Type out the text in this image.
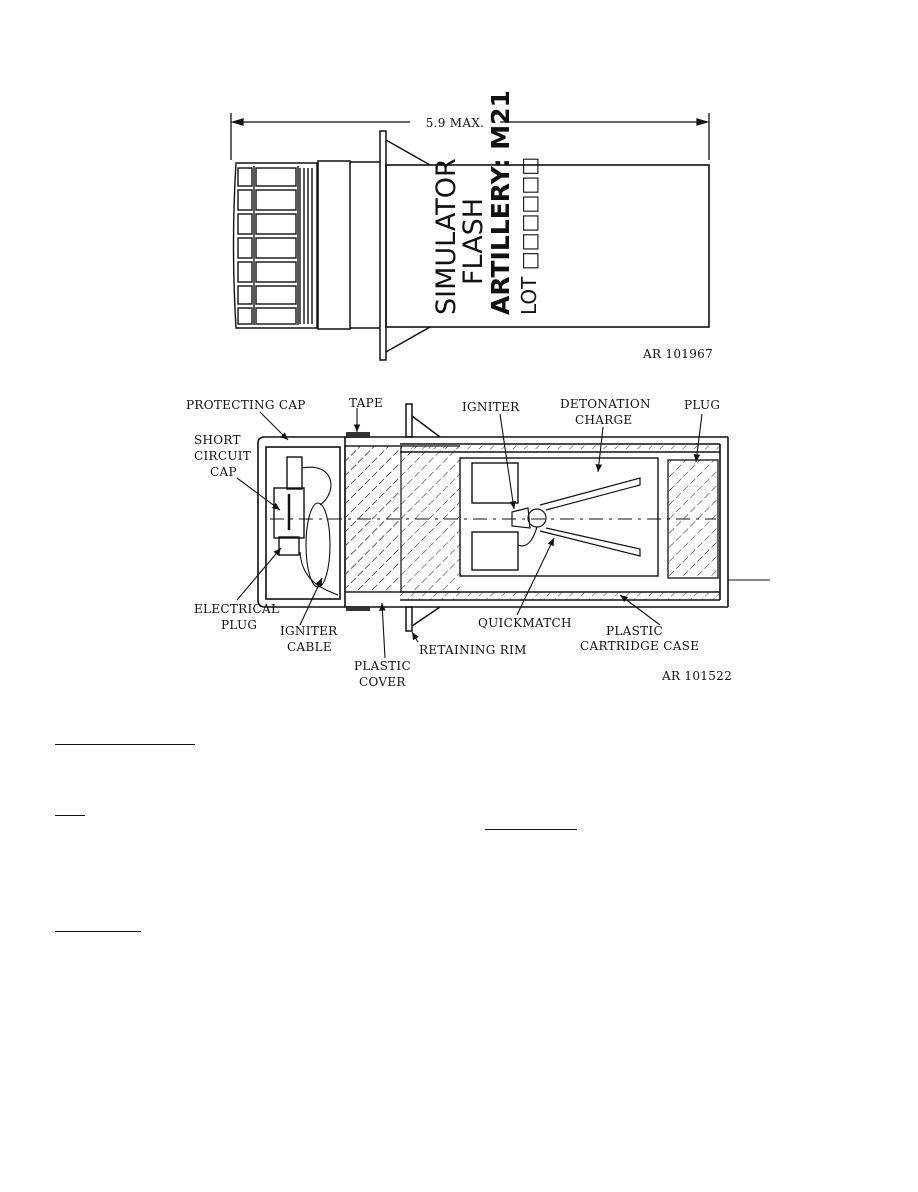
5.9 MAX.
SIMULATOR
FLASH
ARTILLERY: M21 LOT □□□□□□
AR 101967
PROTECTING CAP	TAPE	IGNITER	DETONATION
CHARGE
PLUG
SHORT
CIRCUIT
CAP
ELECTRICAL
PLUG IGNITER
CABLE
PLASTIC
COVER
QUICKMATCH
RETAINING RIM
PLASTIC
CARTRIDGE CASE
AR 101522
